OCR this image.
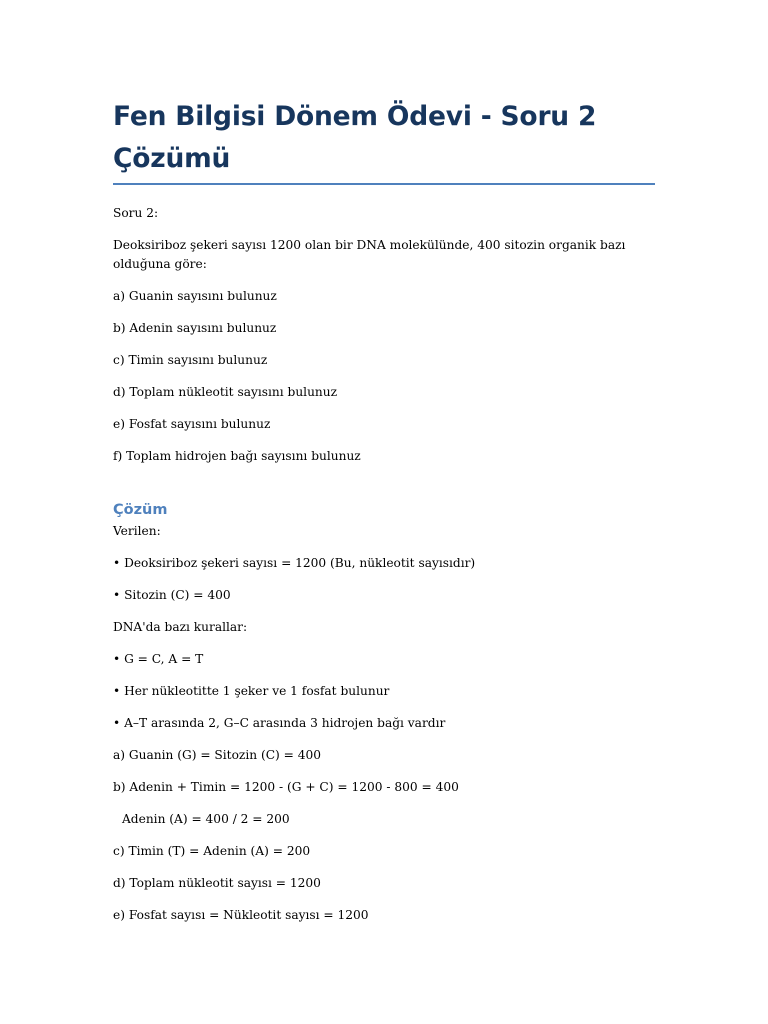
Fen Bilgisi Dönem Ödevi - Soru 2
Çözümü

Soru 2:

Deoksiriboz şekeri sayısı 1200 olan bir DNA molekülünde, 400 sitozin organik bazı
olduğuna göre:

a) Guanin sayısını bulunuz

b) Adenin sayısını bulunuz

c) Timin sayısını bulunuz

d) Toplam nükleotit sayısını bulunuz

e) Fosfat sayısını bulunuz

f) Toplam hidrojen bağı sayısını bulunuz

Çözüm

Verilen:

• Deoksiriboz şekeri sayısı = 1200 (Bu, nükleotit sayısıdır)

• Sitozin (C) = 400

DNA'da bazı kurallar:

• G = C, A = T

• Her nükleotitte 1 şeker ve 1 fosfat bulunur

• A–T arasında 2, G–C arasında 3 hidrojen bağı vardır

a) Guanin (G) = Sitozin (C) = 400

b) Adenin + Timin = 1200 - (G + C) = 1200 - 800 = 400

Adenin (A) = 400 / 2 = 200

c) Timin (T) = Adenin (A) = 200

d) Toplam nükleotit sayısı = 1200

e) Fosfat sayısı = Nükleotit sayısı = 1200
